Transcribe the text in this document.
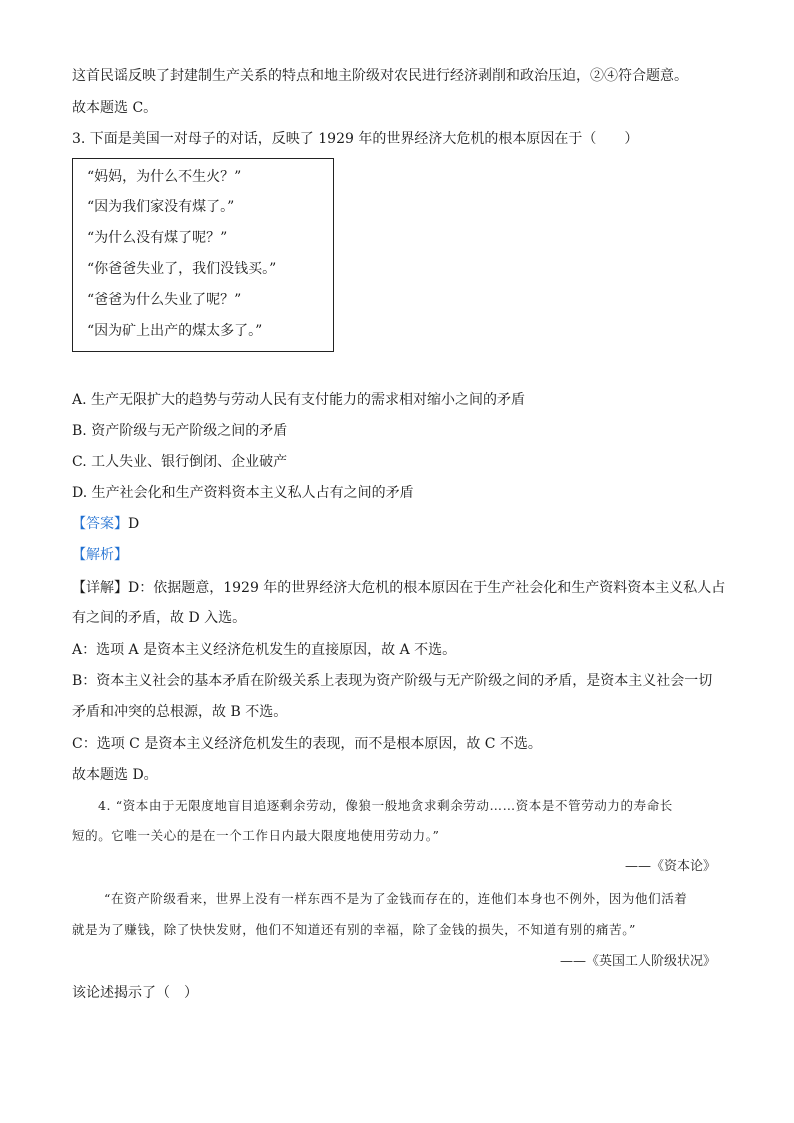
这首民谣反映了封建制生产关系的特点和地主阶级对农民进行经济剥削和政治压迫，②④符合题意。
故本题选 C。
3. 下面是美国一对母子的对话，反映了 1929 年的世界经济大危机的根本原因在于（　　）
“妈妈，为什么不生火？”
“因为我们家没有煤了。”
“为什么没有煤了呢？”
“你爸爸失业了，我们没钱买。”
“爸爸为什么失业了呢？”
“因为矿上出产的煤太多了。”
A. 生产无限扩大的趋势与劳动人民有支付能力的需求相对缩小之间的矛盾
B. 资产阶级与无产阶级之间的矛盾
C. 工人失业、银行倒闭、企业破产
D. 生产社会化和生产资料资本主义私人占有之间的矛盾
【答案】D
【解析】
【详解】D：依据题意，1929 年的世界经济大危机的根本原因在于生产社会化和生产资料资本主义私人占
有之间的矛盾，故 D 入选。
A：选项 A 是资本主义经济危机发生的直接原因，故 A 不选。
B：资本主义社会的基本矛盾在阶级关系上表现为资产阶级与无产阶级之间的矛盾，是资本主义社会一切
矛盾和冲突的总根源，故 B 不选。
C：选项 C 是资本主义经济危机发生的表现，而不是根本原因，故 C 不选。
故本题选 D。
4. “资本由于无限度地盲目追逐剩余劳动，像狼一般地贪求剩余劳动……资本是不管劳动力的寿命长
短的。它唯一关心的是在一个工作日内最大限度地使用劳动力。”
——《资本论》
“在资产阶级看来，世界上没有一样东西不是为了金钱而存在的，连他们本身也不例外，因为他们活着
就是为了赚钱，除了快快发财，他们不知道还有别的幸福，除了金钱的损失，不知道有别的痛苦。”
——《英国工人阶级状况》
该论述揭示了（　）
